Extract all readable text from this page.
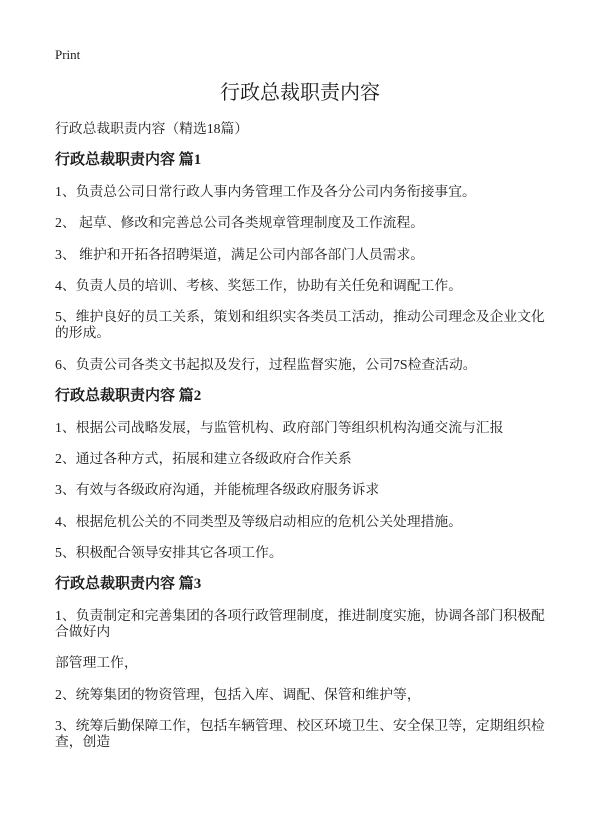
Print
行政总裁职责内容

行政总裁职责内容（精选18篇）

行政总裁职责内容 篇1

1、负责总公司日常行政人事内务管理工作及各分公司内务衔接事宜。

2、 起草、修改和完善总公司各类规章管理制度及工作流程。

3、 维护和开拓各招聘渠道，满足公司内部各部门人员需求。

4、负责人员的培训、考核、奖惩工作，协助有关任免和调配工作。

5、维护良好的员工关系，策划和组织实各类员工活动，推动公司理念及企业文化
的形成。

6、负责公司各类文书起拟及发行，过程监督实施，公司7S检查活动。

行政总裁职责内容 篇2

1、根据公司战略发展，与监管机构、政府部门等组织机构沟通交流与汇报

2、通过各种方式，拓展和建立各级政府合作关系

3、有效与各级政府沟通，并能梳理各级政府服务诉求

4、根据危机公关的不同类型及等级启动相应的危机公关处理措施。

5、积极配合领导安排其它各项工作。

行政总裁职责内容 篇3

1、负责制定和完善集团的各项行政管理制度，推进制度实施，协调各部门积极配
合做好内

部管理工作，

2、统筹集团的物资管理，包括入库、调配、保管和维护等，

3、统筹后勤保障工作，包括车辆管理、校区环境卫生、安全保卫等，定期组织检
查，创造
